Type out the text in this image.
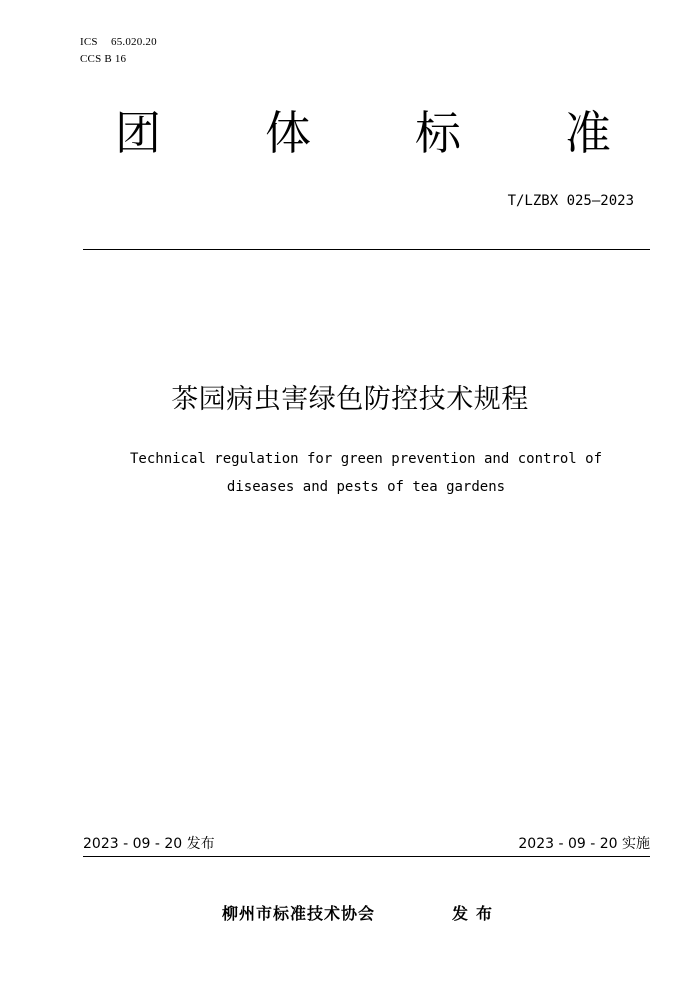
ICS 65.020.20
CCS B 16
团 体 标 准
T/LZBX 025—2023
茶园病虫害绿色防控技术规程
Technical regulation for green prevention and control of
diseases and pests of tea gardens
2023 - 09 - 20 发布	2023 - 09 - 20 实施
柳州市标准技术协会	发布
